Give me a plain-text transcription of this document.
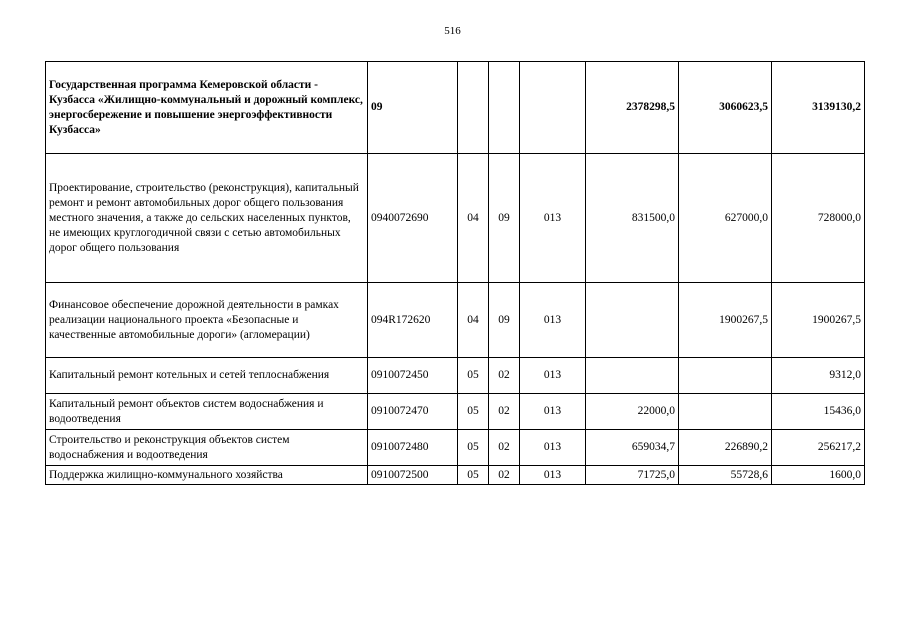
516
Государственная программа Кемеровской области - Кузбасса «Жилищно-коммунальный и дорожный комплекс, энергосбережение и повышение энергоэффективности Кузбасса»	09				2378298,5	3060623,5	3139130,2
Проектирование, строительство (реконструкция), капитальный ремонт и ремонт автомобильных дорог общего пользования местного значения, а также до сельских населенных пунктов, не имеющих круглогодичной связи с сетью автомобильных дорог общего пользования	0940072690	04	09	013	831500,0	627000,0	728000,0
Финансовое обеспечение дорожной деятельности в рамках реализации национального проекта «Безопасные и качественные автомобильные дороги» (агломерации)	094R172620	04	09	013		1900267,5	1900267,5
Капитальный ремонт котельных и сетей теплоснабжения	0910072450	05	02	013			9312,0
Капитальный ремонт объектов систем водоснабжения и водоотведения	0910072470	05	02	013	22000,0		15436,0
Строительство и реконструкция объектов систем водоснабжения и водоотведения	0910072480	05	02	013	659034,7	226890,2	256217,2
Поддержка жилищно-коммунального хозяйства	0910072500	05	02	013	71725,0	55728,6	1600,0
